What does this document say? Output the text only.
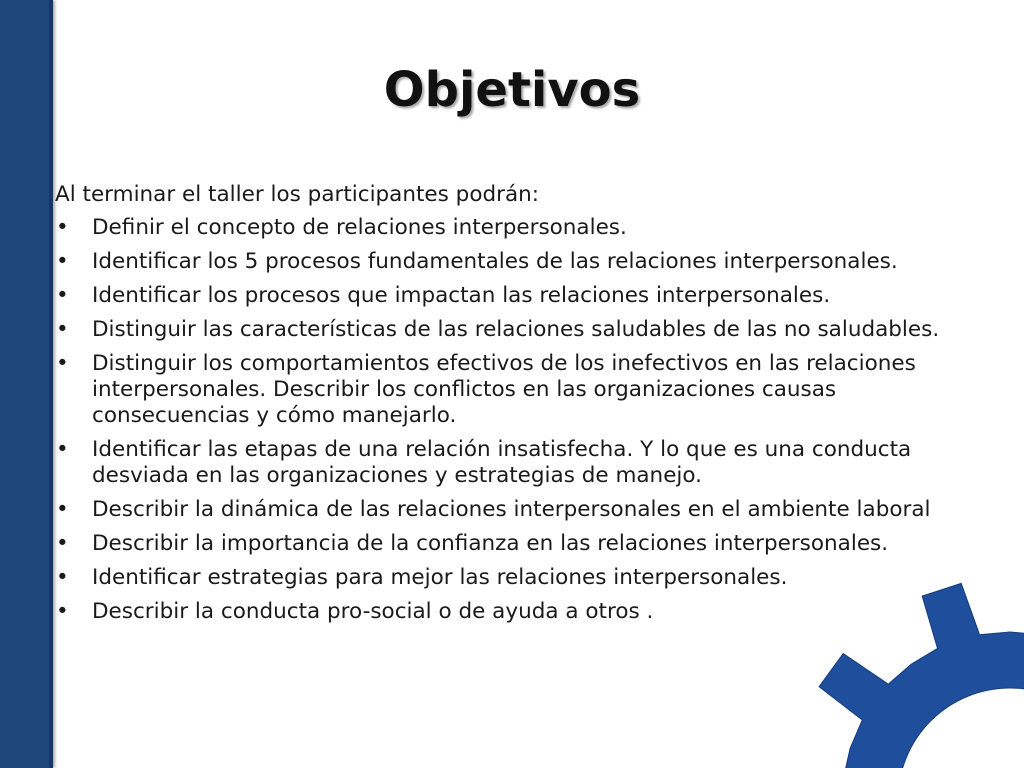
Objetivos
Al terminar el taller los participantes podrán:
•	Definir el concepto de relaciones interpersonales.
•	Identificar los 5 procesos fundamentales de las relaciones interpersonales.
•	Identificar los procesos que impactan las relaciones interpersonales.
•	Distinguir las características de las relaciones saludables de las no saludables.
•	Distinguir los comportamientos efectivos de los inefectivos en las relaciones interpersonales. Describir los conflictos en las organizaciones causas consecuencias y cómo manejarlo.
•	Identificar las etapas de una relación insatisfecha. Y lo que es una conducta desviada en las organizaciones y estrategias de manejo.
•	Describir la dinámica de las relaciones interpersonales en el ambiente laboral
•	Describir la importancia de la confianza en las relaciones interpersonales.
•	Identificar estrategias para mejor las relaciones interpersonales.
•	Describir la conducta pro-social o de ayuda a otros .
